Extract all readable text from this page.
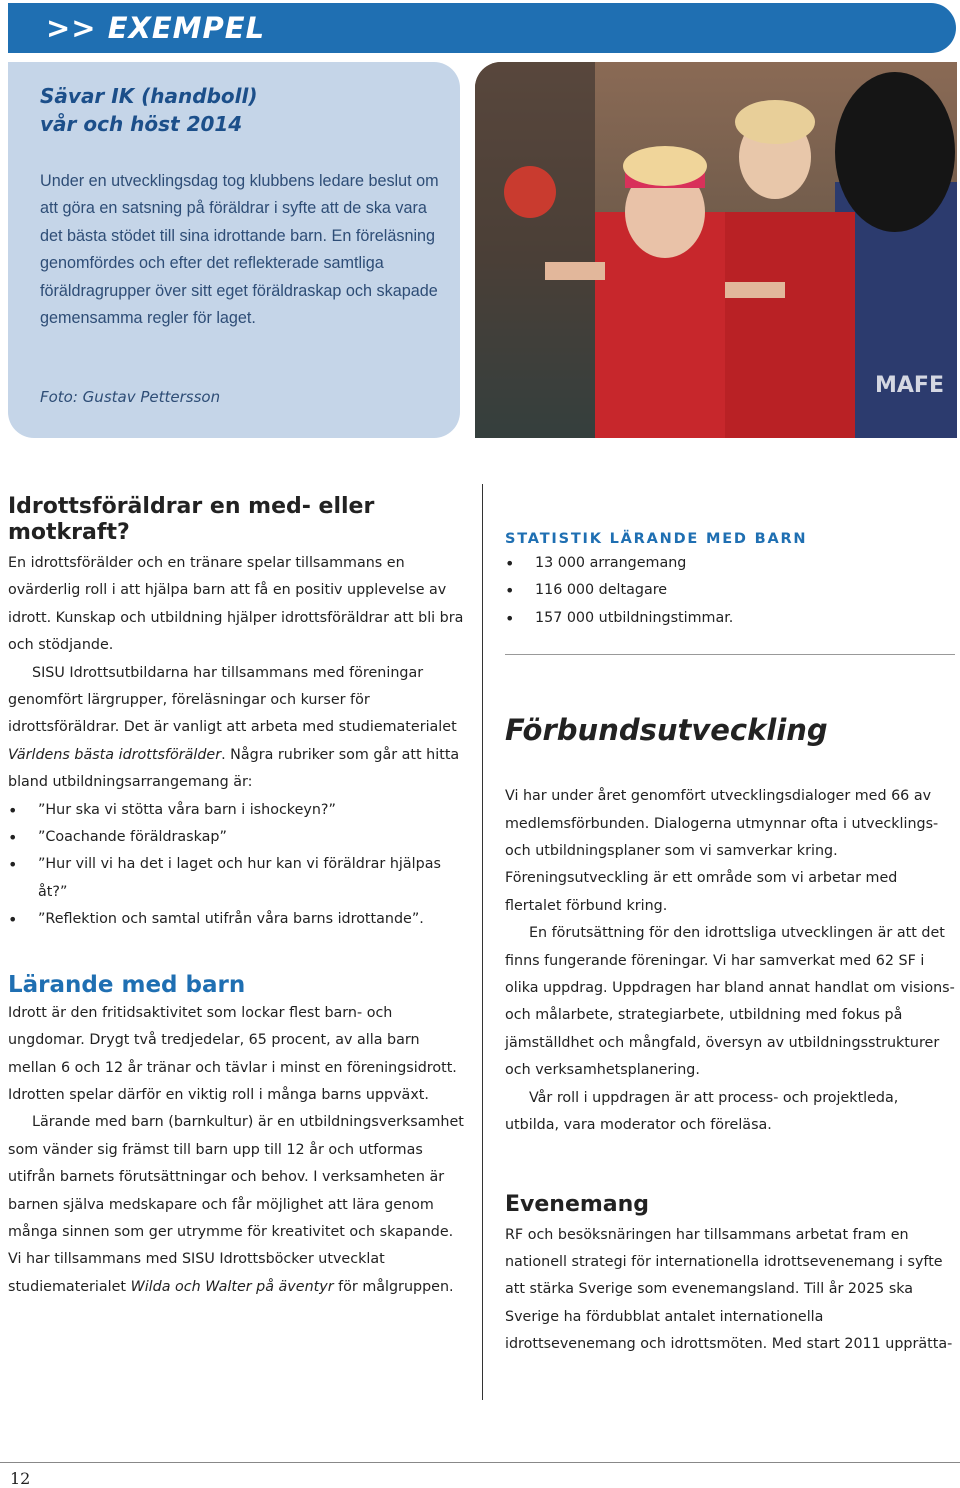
>> EXEMPEL
Sävar IK (handboll)
vår och höst 2014
Under en utvecklingsdag tog klubbens ledare beslut om att göra en satsning på föräldrar i syfte att de ska vara det bästa stödet till sina idrottande barn. En föreläsning genomfördes och efter det reflekterade samtliga föräldragrupper över sitt eget föräldraskap och skapade gemensamma regler för laget.
Foto: Gustav Pettersson	MAFE
Idrottsföräldrar en med- eller motkraft?

En idrottsförälder och en tränare spelar tillsammans en ovärderlig roll i att hjälpa barn att få en positiv upplevelse av idrott. Kunskap och utbildning hjälper idrottsföräldrar att bli bra och stödjande.

SISU Idrottsutbildarna har tillsammans med föreningar genomfört lärgrupper, föreläsningar och kurser för idrottsföräldrar. Det är vanligt att arbeta med studiematerialet Världens bästa idrottsförälder. Några rubriker som går att hitta bland utbildningsarrangemang är:

• ”Hur ska vi stötta våra barn i ishockeyn?”
• ”Coachande föräldraskap”
• ”Hur vill vi ha det i laget och hur kan vi föräldrar hjälpas åt?”
• ”Reflektion och samtal utifrån våra barns idrottande”.
Lärande med barn

Idrott är den fritidsaktivitet som lockar flest barn- och ungdomar. Drygt två tredjedelar, 65 procent, av alla barn mellan 6 och 12 år tränar och tävlar i minst en föreningsidrott. Idrotten spelar därför en viktig roll i många barns uppväxt.

Lärande med barn (barnkultur) är en utbildningsverksamhet som vänder sig främst till barn upp till 12 år och utformas utifrån barnets förutsättningar och behov. I verksamheten är barnen själva medskapare och får möjlighet att lära genom många sinnen som ger utrymme för kreativitet och skapande. Vi har tillsammans med SISU Idrottsböcker utvecklat studiematerialet Wilda och Walter på äventyr för målgruppen.

STATISTIK LÄRANDE MED BARN
• 13 000 arrangemang
• 116 000 deltagare
• 157 000 utbildningstimmar.
Förbundsutveckling

Vi har under året genomfört utvecklingsdialoger med 66 av medlemsförbunden. Dialogerna utmynnar ofta i utvecklings- och utbildningsplaner som vi samverkar kring. Föreningsutveckling är ett område som vi arbetar med flertalet förbund kring.

En förutsättning för den idrottsliga utvecklingen är att det finns fungerande föreningar. Vi har samverkat med 62 SF i olika uppdrag. Uppdragen har bland annat handlat om visions- och målarbete, strategiarbete, utbildning med fokus på jämställdhet och mångfald, översyn av utbildningsstrukturer och verksamhetsplanering.

Vår roll i uppdragen är att process- och projektleda, utbilda, vara moderator och föreläsa.

Evenemang

RF och besöksnäringen har tillsammans arbetat fram en nationell strategi för internationella idrottsevenemang i syfte att stärka Sverige som evenemangsland. Till år 2025 ska Sverige ha fördubblat antalet internationella idrottsevenemang och idrottsmöten. Med start 2011 upprätta-

12
